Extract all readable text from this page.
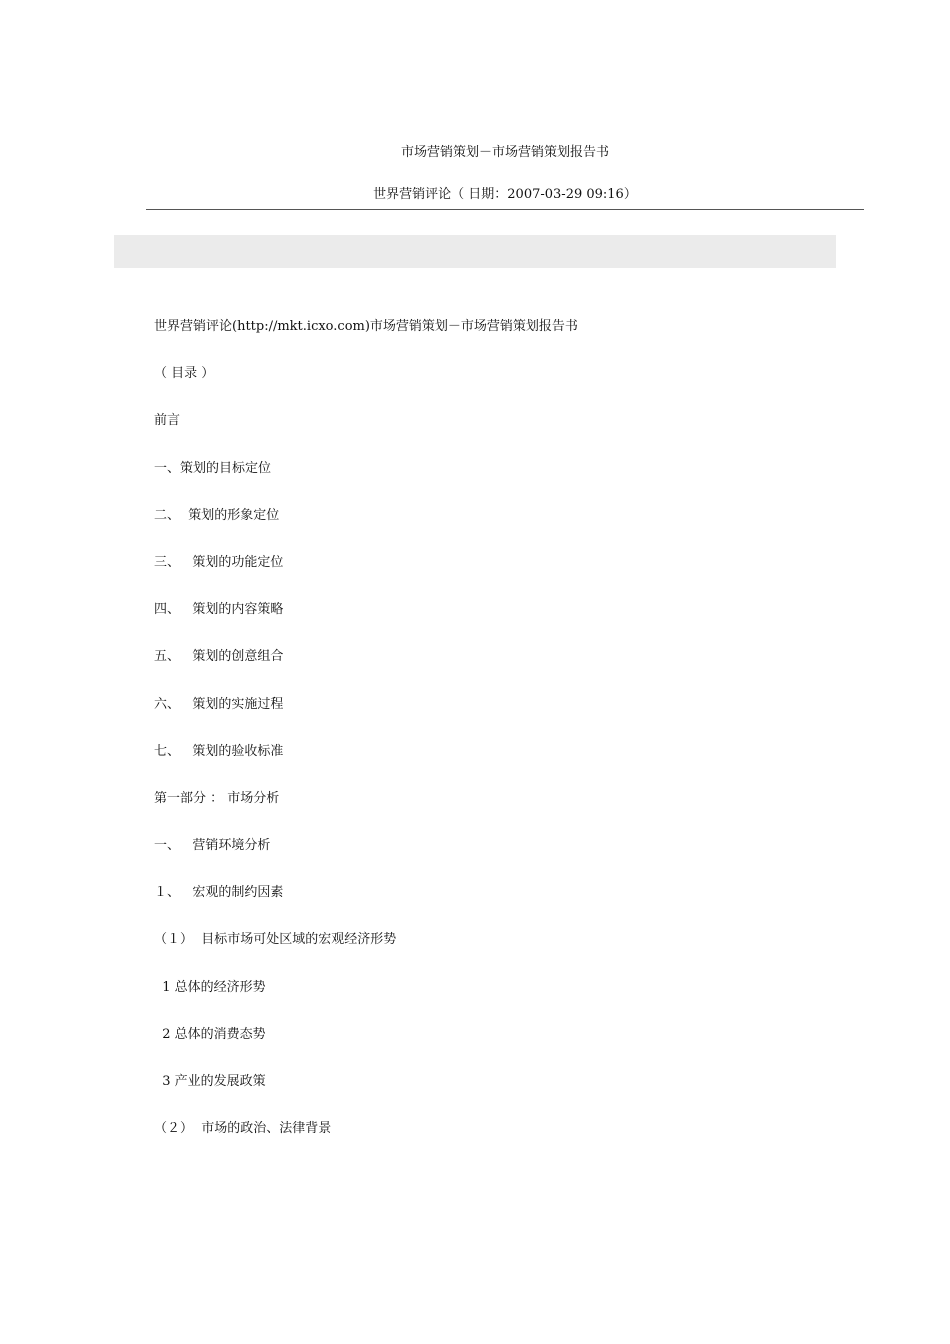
市场营销策划－市场营销策划报告书
世界营销评论（ 日期：2007-03-29 09:16）
世界营销评论(http://mkt.icxo.com)市场营销策划－市场营销策划报告书
（ 目录 ）
前言
一、策划的目标定位
二、  策划的形象定位
三、   策划的功能定位
四、   策划的内容策略
五、   策划的创意组合
六、   策划的实施过程
七、   策划的验收标准
第一部分 ： 市场分析
一、   营销环境分析
１、   宏观的制约因素
（１）  目标市场可处区域的宏观经济形势
1 总体的经济形势
2 总体的消费态势
3 产业的发展政策
（２）  市场的政治、法律背景
